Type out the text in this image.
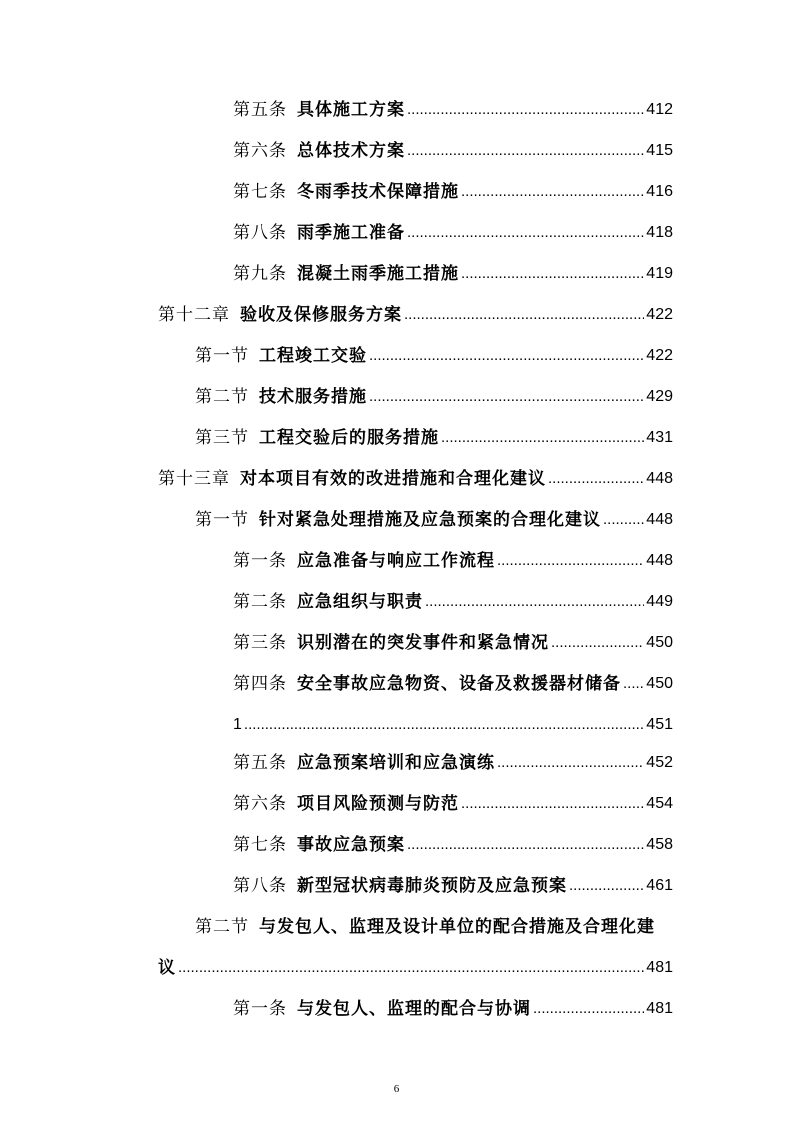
第五条 具体施工方案 .....	412
第六条 总体技术方案 .....	415
第七条 冬雨季技术保障措施 .....	416
第八条 雨季施工准备 .....	418
第九条 混凝土雨季施工措施 .....	419
第十二章 验收及保修服务方案 .....	422
第一节 工程竣工交验 .....	422
第二节 技术服务措施 .....	429
第三节 工程交验后的服务措施 .....	431
第十三章 对本项目有效的改进措施和合理化建议 .....	448
第一节 针对紧急处理措施及应急预案的合理化建议 .....	448
第一条 应急准备与响应工作流程 .....	448
第二条 应急组织与职责 .....	449
第三条 识别潜在的突发事件和紧急情况 .....	450
第四条 安全事故应急物资、设备及救援器材储备 ..... 450
1 .....	451
第五条 应急预案培训和应急演练 .....	452
第六条 项目风险预测与防范 .....	454
第七条 事故应急预案 .....	458
第八条 新型冠状病毒肺炎预防及应急预案 .....	461
第二节 与发包人、监理及设计单位的配合措施及合理化建
议 .....	481
第一条 与发包人、监理的配合与协调 .....	481
6
